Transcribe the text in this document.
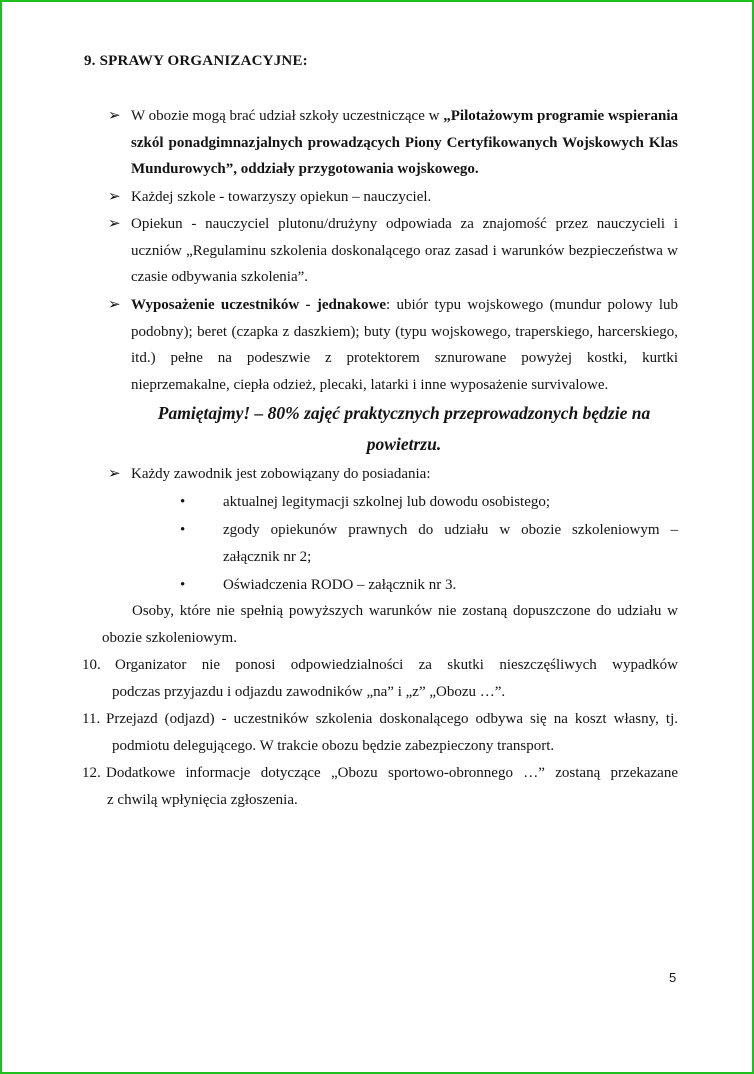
9. SPRAWY ORGANIZACYJNE:

➢ W obozie mogą brać udział szkoły uczestniczące w „Pilotażowym programie wspierania szkól ponadgimnazjalnych prowadzących Piony Certyfikowanych Wojskowych Klas Mundurowych”, oddziały przygotowania wojskowego.
➢ Każdej szkole - towarzyszy opiekun – nauczyciel.
➢ Opiekun - nauczyciel plutonu/drużyny odpowiada za znajomość przez nauczycieli i uczniów „Regulaminu szkolenia doskonalącego oraz zasad i warunków bezpieczeństwa w czasie odbywania szkolenia”.
➢ Wyposażenie uczestników - jednakowe: ubiór typu wojskowego (mundur polowy lub podobny); beret (czapka z daszkiem); buty (typu wojskowego, traperskiego, harcerskiego, itd.) pełne na podeszwie z protektorem sznurowane powyżej kostki, kurtki nieprzemakalne, ciepła odzież, plecaki, latarki i inne wyposażenie survivalowe.

Pamiętajmy! – 80% zajęć praktycznych przeprowadzonych będzie na

powietrzu.

➢ Każdy zawodnik jest zobowiązany do posiadania:
•	aktualnej legitymacji szkolnej lub dowodu osobistego;
•	zgody opiekunów prawnych do udziału w obozie szkoleniowym – załącznik nr 2;
•	Oświadczenia RODO – załącznik nr 3.

Osoby, które nie spełnią powyższych warunków nie zostaną dopuszczone do udziału w obozie szkoleniowym.

10. Organizator nie ponosi odpowiedzialności za skutki nieszczęśliwych wypadków
podczas przyjazdu i odjazdu zawodników „na” i „z” „Obozu …”.
11. Przejazd (odjazd) - uczestników szkolenia doskonalącego odbywa się na koszt własny, tj.
podmiotu delegującego. W trakcie obozu będzie zabezpieczony transport.
12. Dodatkowe informacje dotyczące „Obozu sportowo-obronnego …” zostaną przekazane
z chwilą wpłynięcia zgłoszenia.

5
